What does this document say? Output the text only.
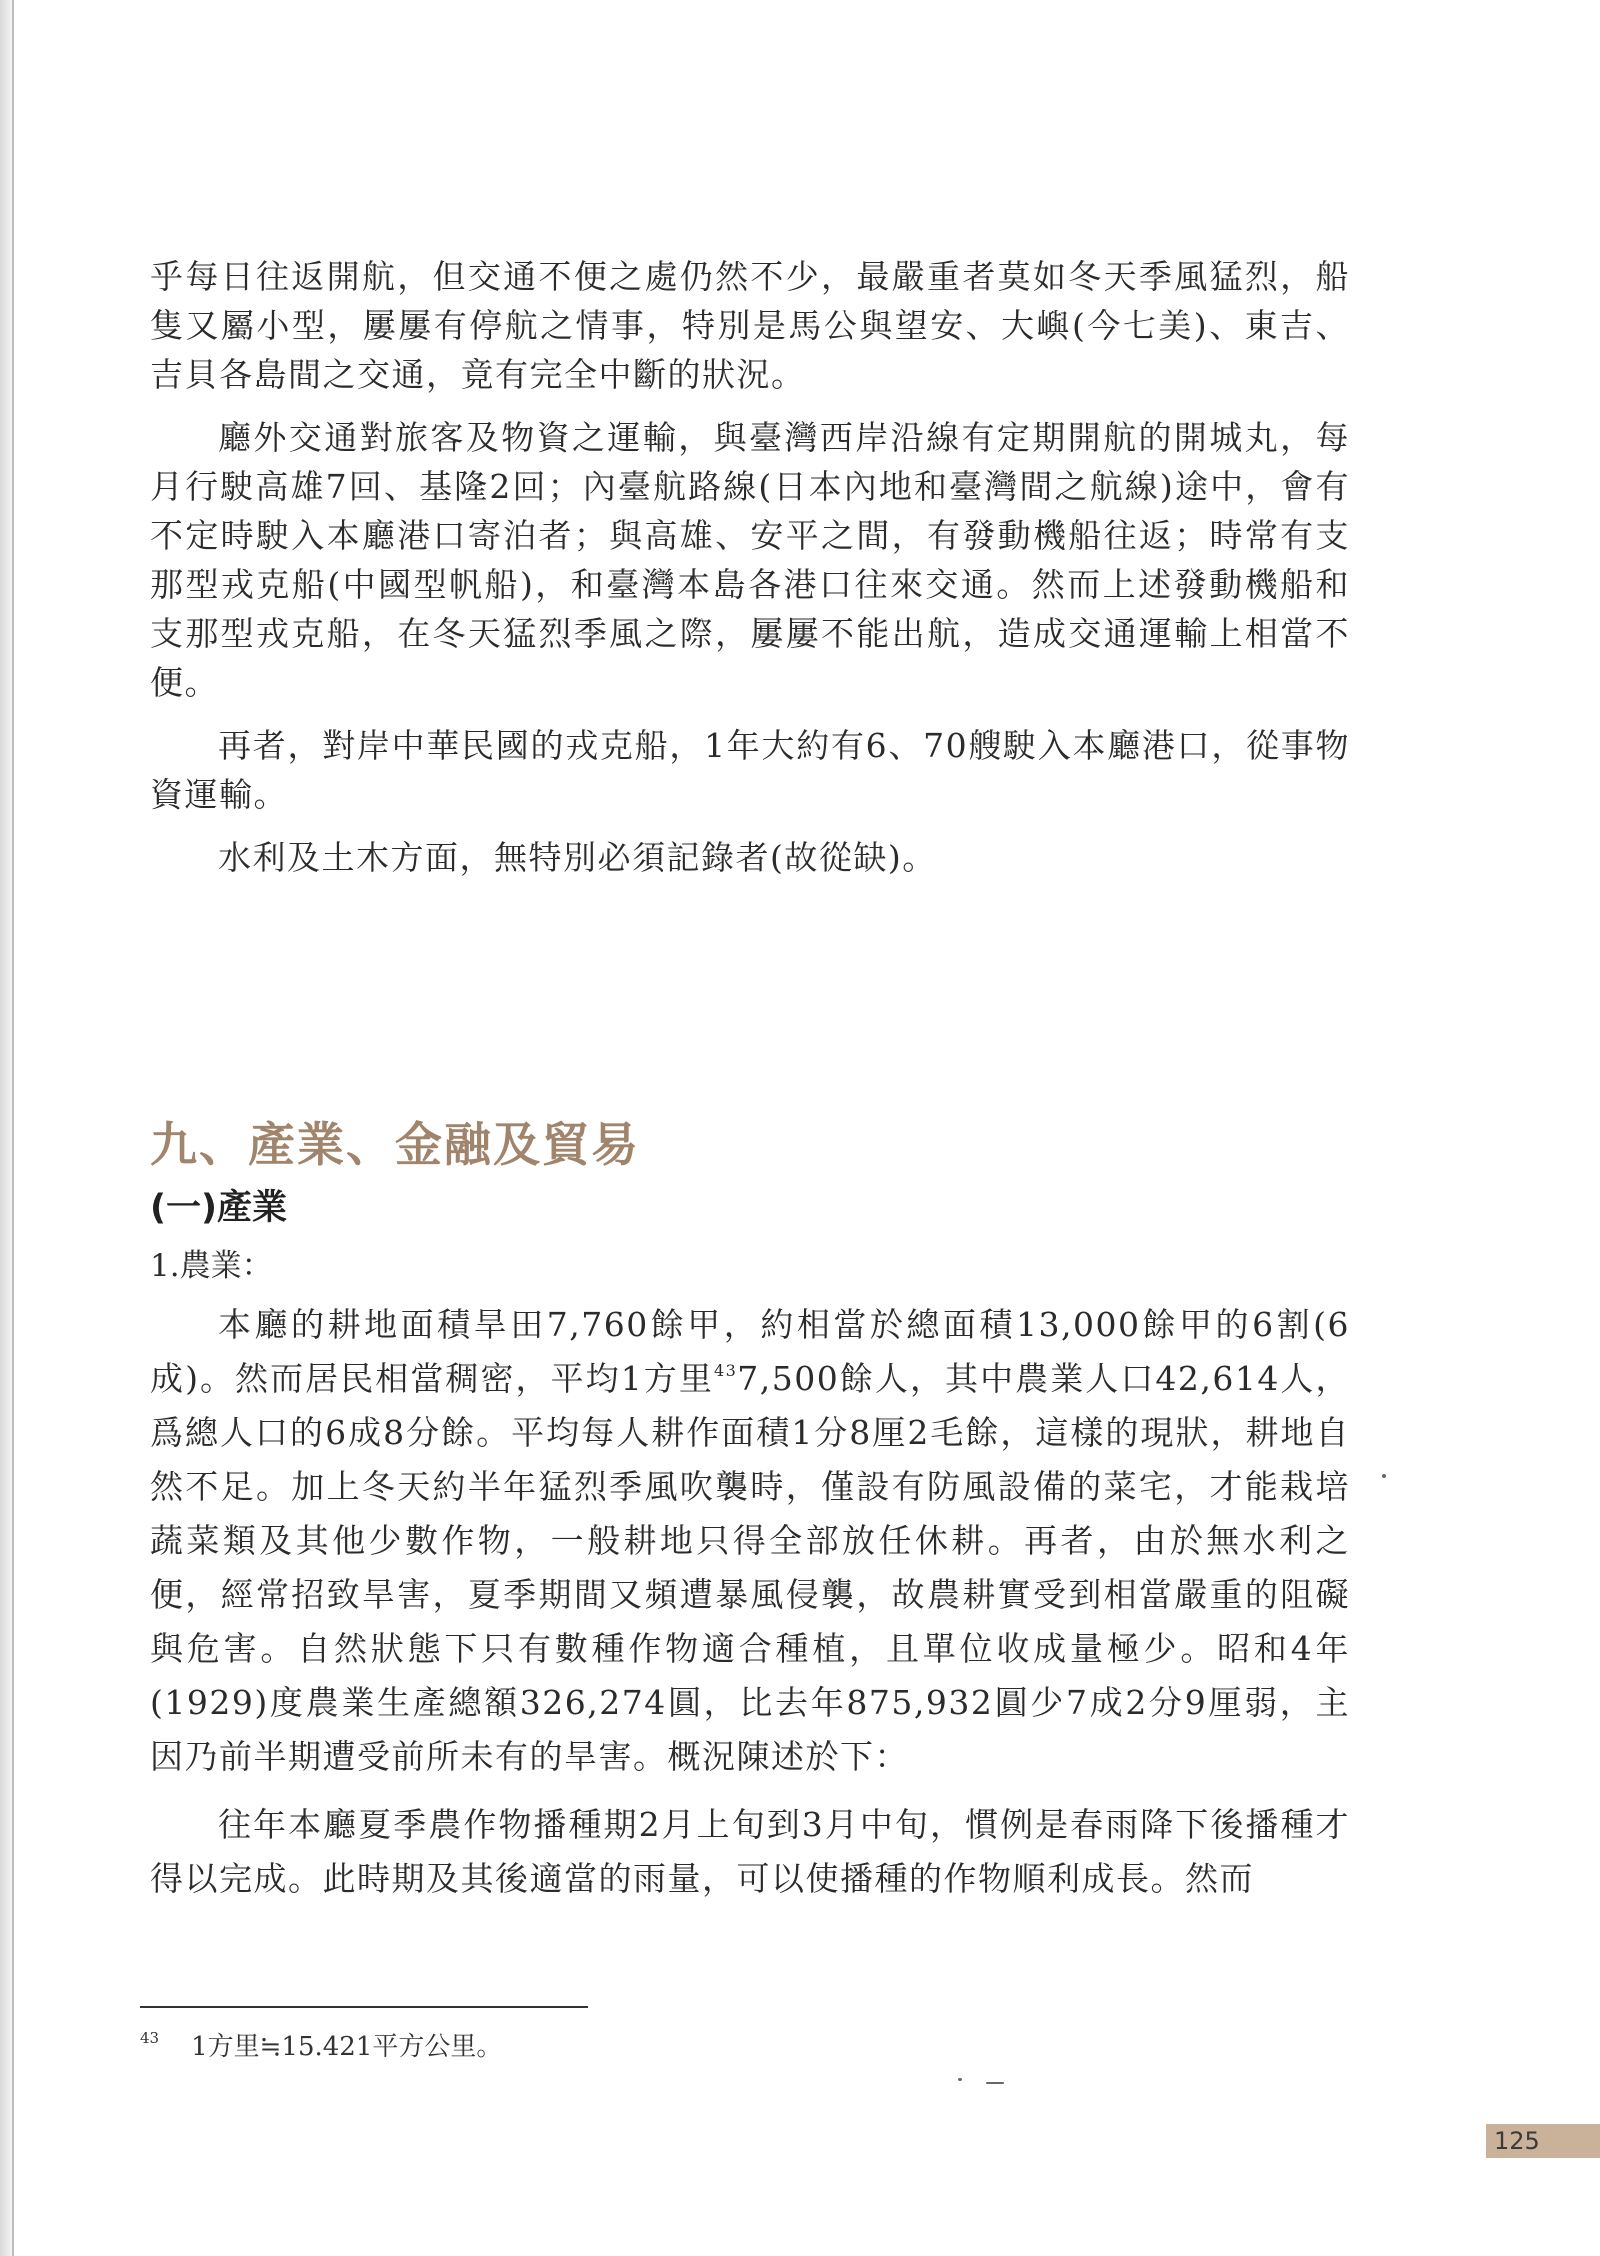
乎每日往返開航，但交通不便之處仍然不少，最嚴重者莫如冬天季風猛烈，船隻又屬小型，屢屢有停航之情事，特別是馬公與望安、大嶼(今七美)、東吉、吉貝各島間之交通，竟有完全中斷的狀況。

廳外交通對旅客及物資之運輸，與臺灣西岸沿線有定期開航的開城丸，每月行駛高雄7回、基隆2回；內臺航路線(日本內地和臺灣間之航線)途中，會有不定時駛入本廳港口寄泊者；與高雄、安平之間，有發動機船往返；時常有支那型戎克船(中國型帆船)，和臺灣本島各港口往來交通。然而上述發動機船和支那型戎克船，在冬天猛烈季風之際，屢屢不能出航，造成交通運輸上相當不便。

再者，對岸中華民國的戎克船，1年大約有6、70艘駛入本廳港口，從事物資運輸。

水利及土木方面，無特別必須記錄者(故從缺)。

九、產業、金融及貿易
(一)產業

1.農業：

本廳的耕地面積旱田7,760餘甲，約相當於總面積13,000餘甲的6割(6成)。然而居民相當稠密，平均1方里$^{43}$7,500餘人，其中農業人口42,614人，爲總人口的6成8分餘。平均每人耕作面積1分8厘2毛餘，這樣的現狀，耕地自然不足。加上冬天約半年猛烈季風吹襲時，僅設有防風設備的菜宅，才能栽培蔬菜類及其他少數作物，一般耕地只得全部放任休耕。再者，由於無水利之便，經常招致旱害，夏季期間又頻遭暴風侵襲，故農耕實受到相當嚴重的阻礙與危害。自然狀態下只有數種作物適合種植，且單位收成量極少。昭和4年(1929)度農業生產總額326,274圓，比去年875,932圓少7成2分9厘弱，主因乃前半期遭受前所未有的旱害。概況陳述於下：

往年本廳夏季農作物播種期2月上旬到3月中旬，慣例是春雨降下後播種才得以完成。此時期及其後適當的雨量，可以使播種的作物順利成長。然而

$^{43}$ 1方里≒15.421平方公里。

125
